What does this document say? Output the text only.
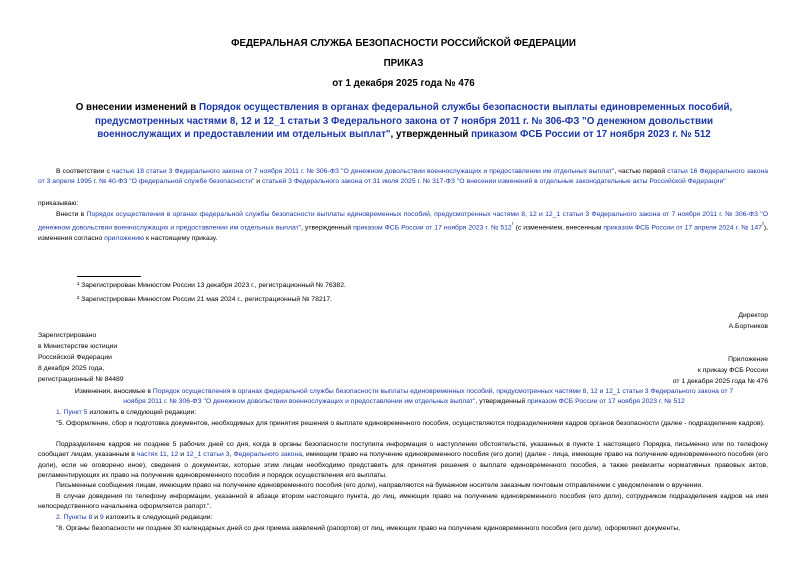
ФЕДЕРАЛЬНАЯ СЛУЖБА БЕЗОПАСНОСТИ РОССИЙСКОЙ ФЕДЕРАЦИИ
ПРИКАЗ
от 1 декабря 2025 года № 476
О внесении изменений в Порядок осуществления в органах федеральной службы безопасности выплаты единовременных пособий, предусмотренных частями 8, 12 и 12_1 статьи 3 Федерального закона от 7 ноября 2011 г. № 306-ФЗ "О денежном довольствии военнослужащих и предоставлении им отдельных выплат", утвержденный приказом ФСБ России от 17 ноября 2023 г. № 512
В соответствии с частью 18 статьи 3 Федерального закона от 7 ноября 2011 г. № 306-ФЗ "О денежном довольствии военнослужащих и предоставлении им отдельных выплат", частью первой статьи 16 Федерального закона от 3 апреля 1995 г. № 40-ФЗ "О федеральной службе безопасности" и статьей 3 Федерального закона от 31 июля 2025 г. № 317-ФЗ "О внесении изменений в отдельные законодательные акты Российской Федерации"
приказываю:
Внести в Порядок осуществления в органах федеральной службы безопасности выплаты единовременных пособий, предусмотренных частями 8, 12 и 12_1 статьи 3 Федерального закона от 7 ноября 2011 г. № 306-ФЗ "О денежном довольствии военнослужащих и предоставлении им отдельных выплат", утвержденный приказом ФСБ России от 17 ноября 2023 г. № $512^{^1}$ (с изменением, внесенным приказом ФСБ России от 17 апреля 2024 г. № $147^{^2}$), изменения согласно приложению к настоящему приказу.
¹ Зарегистрирован Минюстом России 13 декабря 2023 г., регистрационный № 76382.
² Зарегистрирован Минюстом России 21 мая 2024 г., регистрационный № 78217.
Директор
А.Бортников
Зарегистрировано
в Министерстве юстиции
Российской Федерации
8 декабря 2025 года,
регистрационный № 84489
Приложение
к приказу ФСБ России
от 1 декабря 2025 года № 476
Изменения, вносимые в Порядок осуществления в органах федеральной службы безопасности выплаты единовременных пособий, предусмотренных частями 8, 12 и 12_1 статьи 3 Федерального закона от 7 ноября 2011 г. № 306-ФЗ "О денежном довольствии военнослужащих и предоставлении им отдельных выплат", утвержденный приказом ФСБ России от 17 ноября 2023 г. № 512
1. Пункт 5 изложить в следующей редакции:
"5. Оформление, сбор и подготовка документов, необходимых для принятия решения о выплате единовременного пособия, осуществляются подразделениями кадров органов безопасности (далее - подразделение кадров).
Подразделение кадров не позднее 5 рабочих дней со дня, когда в органы безопасности поступила информация о наступлении обстоятельств, указанных в пункте 1 настоящего Порядка, письменно или по телефону сообщает лицам, указанным в частях 11, 12 и 12_1 статьи 3, Федерального закона, имеющим право на получение единовременного пособия (его доли) (далее - лица, имеющие право на получение единовременного пособия (его доли), если не оговорено иное), сведения о документах, которые этим лицам необходимо представить для принятия решения о выплате единовременного пособия, а также реквизиты нормативных правовых актов, регламентирующих их право на получение единовременного пособия и порядок осуществления его выплаты.
Письменные сообщения лицам, имеющим право на получение единовременного пособия (его доли), направляются на бумажном носителе заказным почтовым отправлением с уведомлением о вручении.
В случае доведения по телефону информации, указанной в абзаце втором настоящего пункта, до лиц, имеющих право на получение единовременного пособия (его доли), сотрудником подразделения кадров на имя непосредственного начальника оформляется рапорт.".
2. Пункты 8 и 9 изложить в следующей редакции:
"8. Органы безопасности не позднее 30 календарных дней со дня приема заявлений (рапортов) от лиц, имеющих право на получение единовременного пособия (его доли), оформляют документы,
